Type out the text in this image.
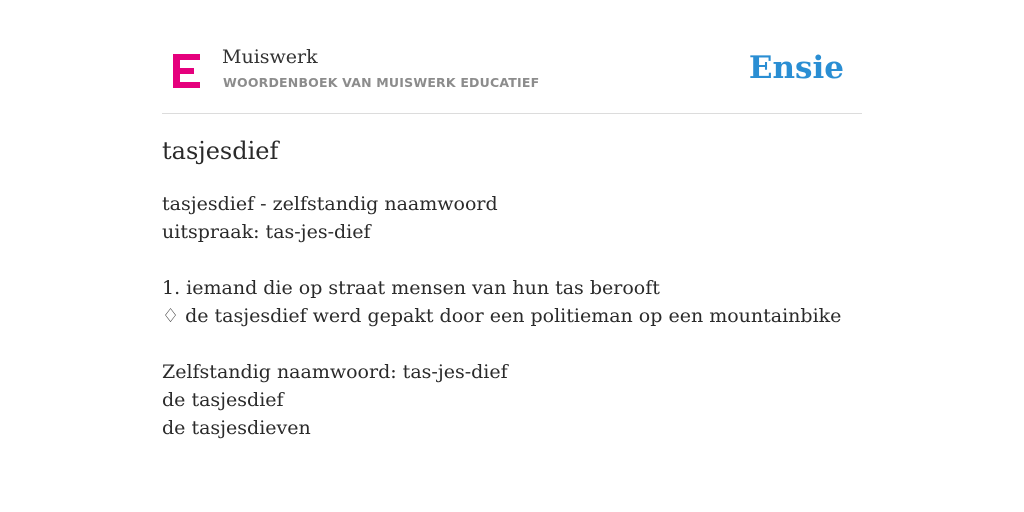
Muiswerk
WOORDENBOEK VAN MUISWERK EDUCATIEF	Ensie
tasjesdief
tasjesdief - zelfstandig naamwoord
uitspraak: tas-jes-dief
1. iemand die op straat mensen van hun tas berooft
♢ de tasjesdief werd gepakt door een politieman op een mountainbike
Zelfstandig naamwoord: tas-jes-dief
de tasjesdief
de tasjesdieven
